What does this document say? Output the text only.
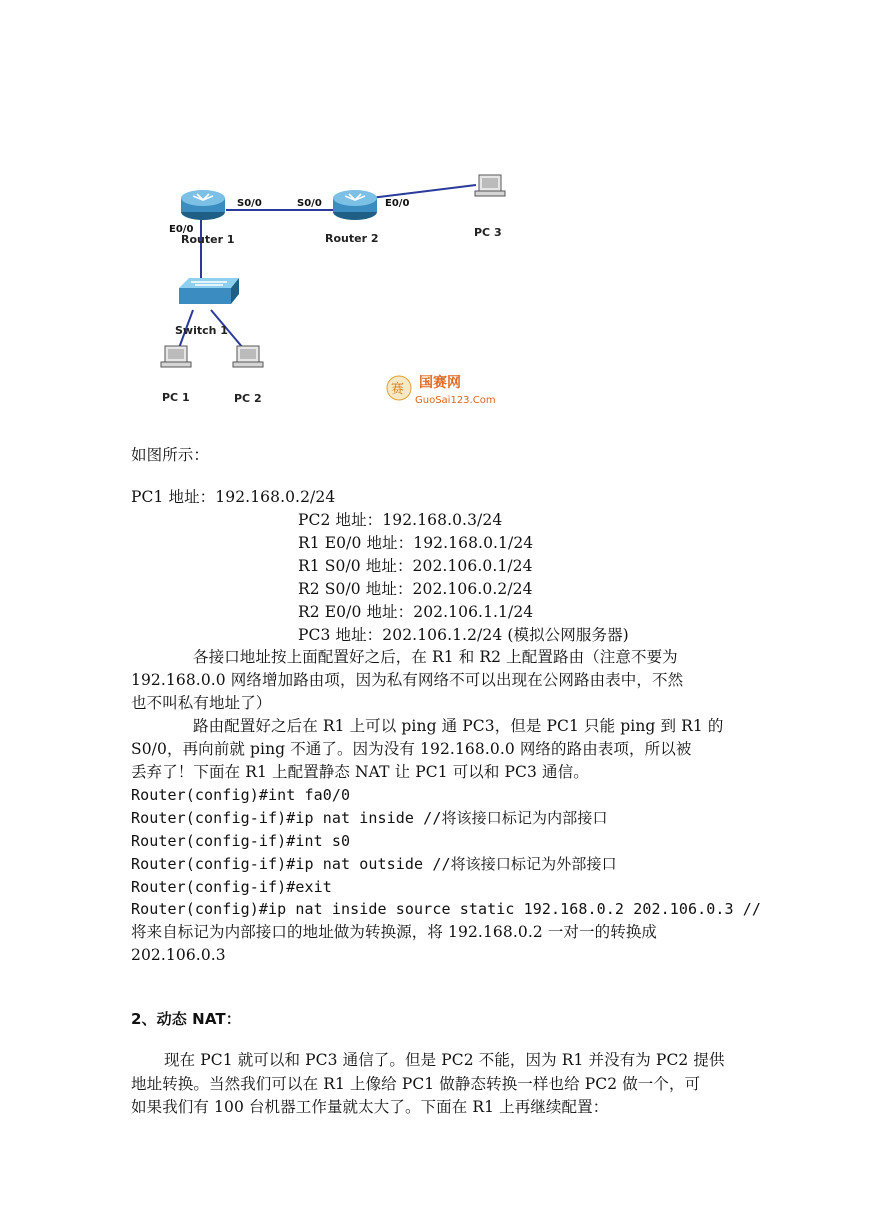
S0/0	S0/0	E0/0
E0/0
Router 1	Router 2	PC 3
Switch 1
PC 1	PC 2
赛 国赛网
GuoSai123.Com
如图所示：
PC1 地址：192.168.0.2/24
PC2 地址：192.168.0.3/24
R1 E0/0 地址：192.168.0.1/24
R1 S0/0 地址：202.106.0.1/24
R2 S0/0 地址：202.106.0.2/24
R2 E0/0 地址：202.106.1.1/24
PC3 地址：202.106.1.2/24 (模拟公网服务器)
各接口地址按上面配置好之后，在 R1 和 R2 上配置路由（注意不要为
192.168.0.0 网络增加路由项，因为私有网络不可以出现在公网路由表中，不然
也不叫私有地址了）
路由配置好之后在 R1 上可以 ping 通 PC3，但是 PC1 只能 ping 到 R1 的
S0/0，再向前就 ping 不通了。因为没有 192.168.0.0 网络的路由表项，所以被
丢弃了！下面在 R1 上配置静态 NAT 让 PC1 可以和 PC3 通信。
Router(config)#int fa0/0
Router(config-if)#ip nat inside //将该接口标记为内部接口
Router(config-if)#int s0
Router(config-if)#ip nat outside //将该接口标记为外部接口
Router(config-if)#exit
Router(config)#ip nat inside source static 192.168.0.2 202.106.0.3 //
将来自标记为内部接口的地址做为转换源，将 192.168.0.2 一对一的转换成
202.106.0.3
2、动态 NAT：
现在 PC1 就可以和 PC3 通信了。但是 PC2 不能，因为 R1 并没有为 PC2 提供
地址转换。当然我们可以在 R1 上像给 PC1 做静态转换一样也给 PC2 做一个，可
如果我们有 100 台机器工作量就太大了。下面在 R1 上再继续配置：
